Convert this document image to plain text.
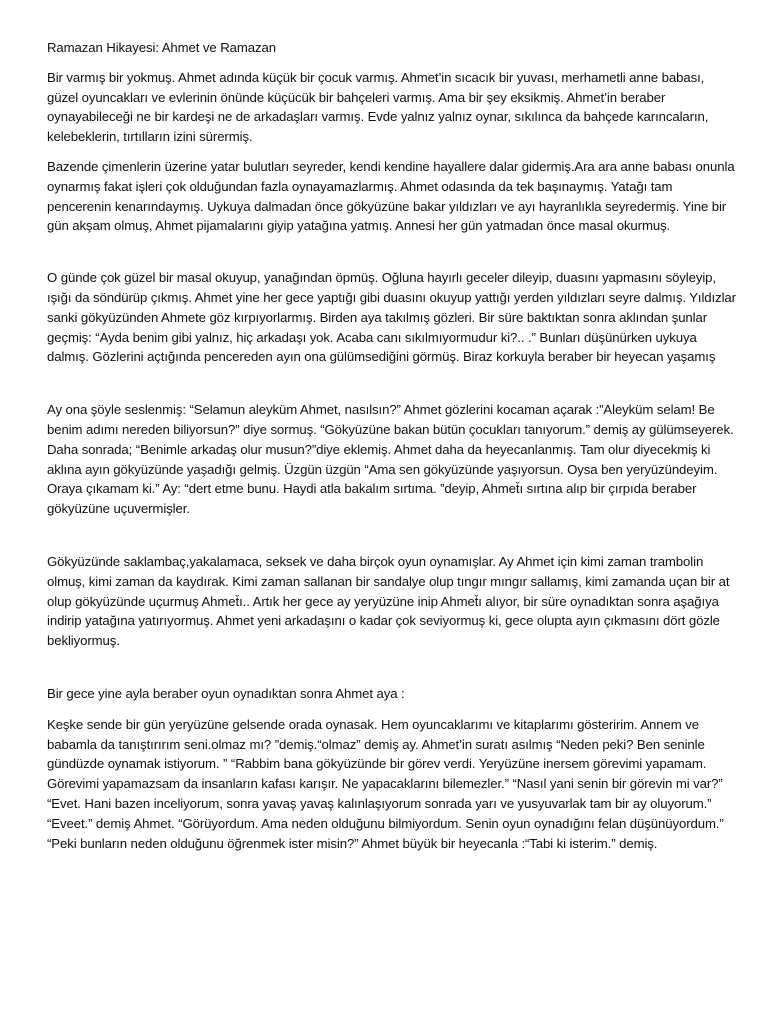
Ramazan Hikayesi: Ahmet ve Ramazan

Bir varmış bir yokmuş. Ahmet adında küçük bir çocuk varmış. Ahmet’in sıcacık bir yuvası, merhametli anne babası, güzel oyuncakları ve evlerinin önünde küçücük bir bahçeleri varmış. Ama bir şey eksikmiş. Ahmet’in beraber oynayabileceği ne bir kardeşi ne de arkadaşları varmış. Evde yalnız yalnız oynar, sıkılınca da bahçede karıncaların, kelebeklerin, tırtılların izini sürermiş.

Bazende çimenlerin üzerine yatar bulutları seyreder, kendi kendine hayallere dalar gidermiş.Ara ara anne babası onunla oynarmış fakat işleri çok olduğundan fazla oynayamazlarmış. Ahmet odasında da tek başınaymış. Yatağı tam pencerenin kenarındaymış. Uykuya dalmadan önce gökyüzüne bakar yıldızları ve ayı hayranlıkla seyredermiş. Yine bir gün akşam olmuş, Ahmet pijamalarını giyip yatağına yatmış. Annesi her gün yatmadan önce masal okurmuş.

O günde çok güzel bir masal okuyup, yanağından öpmüş. Oğluna hayırlı geceler dileyip, duasını yapmasını söyleyip, ışığı da söndürüp çıkmış. Ahmet yine her gece yaptığı gibi duasını okuyup yattığı yerden yıldızları seyre dalmış. Yıldızlar sanki gökyüzünden Ahmete göz kırpıyorlarmış. Birden aya takılmış gözleri. Bir süre baktıktan sonra aklından şunlar geçmiş: “Ayda benim gibi yalnız, hiç arkadaşı yok. Acaba canı sıkılmıyormudur ki?.. .” Bunları düşünürken uykuya dalmış. Gözlerini açtığında pencereden ayın ona gülümsediğini görmüş. Biraz korkuyla beraber bir heyecan yaşamış

Ay ona şöyle seslenmiş: “Selamun aleyküm Ahmet, nasılsın?” Ahmet gözlerini kocaman açarak :”Aleyküm selam! Be benim adımı nereden biliyorsun?” diye sormuş. “Gökyüzüne bakan bütün çocukları tanıyorum.” demiş ay gülümseyerek. Daha sonrada; “Benimle arkadaş olur musun?”diye eklemiş. Ahmet daha da heyecanlanmış. Tam olur diyecekmiş ki aklına ayın gökyüzünde yaşadığı gelmiş. Üzgün üzgün “Ama sen gökyüzünde yaşıyorsun. Oysa ben yeryüzündeyim. Oraya çıkamam ki.” Ay: “dert etme bunu. Haydi atla bakalım sırtıma. ”deyip, Ahmet̆ı sırtına alıp bir çırpıda beraber gökyüzüne uçuvermişler.

Gökyüzünde saklambaç,yakalamaca, seksek ve daha birçok oyun oynamışlar. Ay Ahmet için kimi zaman trambolin olmuş, kimi zaman da kaydırak. Kimi zaman sallanan bir sandalye olup tıngır mıngır sallamış, kimi zamanda uçan bir at olup gökyüzünde uçurmuş Ahmet̆ı.. Artık her gece ay yeryüzüne inip Ahmet̆ı alıyor, bir süre oynadıktan sonra aşağıya indirip yatağına yatırıyormuş. Ahmet yeni arkadaşını o kadar çok seviyormuş ki, gece olupta ayın çıkmasını dört gözle bekliyormuş.

Bir gece yine ayla beraber oyun oynadıktan sonra Ahmet aya :

Keşke sende bir gün yeryüzüne gelsende orada oynasak. Hem oyuncaklarımı ve kitaplarımı gösteririm. Annem ve babamla da tanıştırırım seni.olmaz mı? ”demiş.“olmaz” demiş ay. Ahmet’in suratı asılmış “Neden peki? Ben seninle gündüzde oynamak istiyorum. ” “Rabbim bana gökyüzünde bir görev verdi. Yeryüzüne inersem görevimi yapamam. Görevimi yapamazsam da insanların kafası karışır. Ne yapacaklarını bilemezler.” “Nasıl yani senin bir görevin mi var?” “Evet. Hani bazen inceliyorum, sonra yavaş yavaş kalınlaşıyorum sonrada yarı ve yusyuvarlak tam bir ay oluyorum.” “Eveet.” demiş Ahmet. “Görüyordum. Ama neden olduğunu bilmiyordum. Senin oyun oynadığını felan düşünüyordum.” “Peki bunların neden olduğunu öğrenmek ister misin?” Ahmet büyük bir heyecanla :“Tabi ki isterim.” demiş.
